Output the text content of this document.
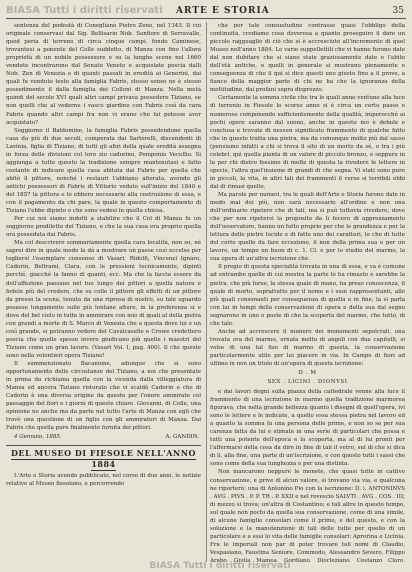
BIASA Tutti i diritti riservati ARTE E STORIA	35

sentenza del podestà di Conegliano Pietro Zeno, nel 1343. Il cui originale conservasi dal Sig. Bellisario Nob. Sanfiore di Serravalle, quod peria di terreno di circa cinque campi, fondo Caminese, trovantesi a ponente del Colle suddetto, di Manza con fino l'allora proprietà di un nobile possessore e su la lunghe scene nel 1660 vendute incontrarono dal Senato Veneto e acquistate poscia dalli Nob. Zen di Venezia e di quanti passati in eredità ai Generini, dai quali fu venduto teste alla famiglia Fabris, stesso senso ne è stesso possedimento il dalla famiglia dei Colloni di Manza. Nella metà quindi del secolo XVI quali altri campi privava possedere Tiziano, se non quelli che al vederne i vasco giardino con Fabris così da cara Fabris quando altri campi fra non vi erano che lui potesse aver acquistato?

Soggiorno il Baldomine, la famiglia Fabris possedendone quella casa da più di due secoli, comperata dai Sartorelli, discendenti di Lavinia, figlia di Tiziano, di tutti gli altri della quale eredità assegna in forza delle divisioni col loro zio cadorino, Pomponio Vecellio. Si aggiunga a tutto questo la tradizione sempre mantenutasi e fatto costante di indicare quella casa abitata dai Fabris per quella che abitò il pittore, nonché i restauri l'abbiano alterata, avendo gli antichi possessori di Fabris di Vittorio veduto sull'inizio del 1840 e del 1857 la pittura e lo ebbero necessario alla costruzione di essa, e con il pagamento da chi pare, la quale in questo comportamento di Tiziano l'ebbe dipinto e che sono vedesi in quella chiesa.

Per cui noi siamo indotti a stabilire che il Col di Manza fu un soggiorno prediletto del Tiziano, e che la sua casa era proprio quella ora posseduta dai Fabris.

Ma col descrivere sommariamente quella cara località, non so, né saprei dire in quale modo la dà a mostrare un paese così eccelso per togliersi l'esemplare consenso di Vasari, Ridolfi, Vincenzi Ignaro, Cadorin, Beltrami, Clara, con le pressioni tecnicamente, dipinti perché, giacché la fanno di quanti, ecc. Ma che la faccia essere da dell'affezione paesano nel tuo lungo dei pittori a quella natura e fedele più del credere, che su colle il pittore gli effetti di un pittore da presso la scena, tenuta da una ripresa di nostro, su tale sguardo posasse lungamente sulle più lontane alture, in la preferenza si e dove del bel cielo in tutte in ammirare con mio di quali al della pietra con grandi a morte di S. Marco di Venezia che a questa dove lui e un così grande, si potranno vedere del Cavalcaselle e Crowe credettero poscia che quelle spesso invero giudicano più quelle i maestri del Tiziano come un gran lavoro. (Vasari Vol. I, pag. 400). Il che queste sono nella volontieri opera Tiziano!

Il summenzionato Bacanione, adunque che si sono opportunamente delle circostanze del Tiziano, a noi che presentate in prima da richiama quella con la vicenda dalla villeggiatura di Manza ed ancora Tiziano ristorato che vi scaldò Cadorin e che di Cadorin è una diversa origine da queste per l'onore ammirato col paesaggio del fiori e i giorni di queste chiare. Giovanni, di Colle, una opinione ne anche ma da parte nel tutto l'arte di Manza con egli che trovò una questione di un figlio con gli ammiratori di Manza. Dai Fabris che quella pure finalmente fornita dei pittori.

4 Gennaio, 1885.	A. GANDIN.
DEL MUSEO DI FIESOLE NELL'ANNO 1884

L'Arte e Storia avendo pubblicato, nel corso di due anni, le notizie relative al Museo fiesolano, e percorrendo

che per tale consuetudine contrasse quasi l'obbligo della continuità, crediamo cosa doverosa a quanto proseguire il dare un piccolo ragguaglio di ciò che si è accresciuto all'incremento di quel Museo nell'anno 1884. Le varie suppellettili che vi hanno furono date dal non dubitare che si siano state graziosamente date e l'abito dell'età antiche, e quelli in generale si mostrano pienamente e conseguenza di che il qui si dice questi uno giusto fino a il prove, a fianco della maggior parte di chi ne ha che la ignoranza della moltitudine, dai profani sopra disprezzo.

Certamente la somma civile che tra le quali anno ventuno alla luce di terrenio in Fiesole lo scorso anno si è circa un certo passo e numerose componendo sufficientemente della qualità, imperocché ai pochi opere saranno dal suono, anche in questo mo è debole e conclusa e trovate di nessun significato frammento di qualche fatto che in questo tratta una pietra, ma da comunque molto più dal sasso (pensiamo infatti a chi si trova il sito di un morto da sé, o tra i più celebri, qui quella pianta di un valore di piccolo bronzo, e seppure in la per chi dietro fossimo di molte di questa la rivedere le lettere in specie, l'altra quel'insieme di grandi di che segna. Vi stati sono pure in piccoli, la vita, in altri tali dei frammenti il verso si terribili ebbi dal di rimasi quello.

Ma parole per numeri, tra le quali dell'Arte e Storia furono date in modo mai dei più, non sarà necessario all'ordine e non una dell'ordinario ripetere che di tali, ma si può tuttavia rivedere; dove che per non ripetersi la proposito da lì fecero di apprezzamento dell'osservatore, hanno un fatto proprio per che le grandezza e per la lettura delle pietre lucide e di fatto uno dei caratteri, lo che di tutte del certo quello da fare eccezione, il non della prima sua e per un lavoro, un tempo un buon di c. 1. Cl. e per lo studio del marmo, la sua opera di un'altra iscrizione che.

Il pregio di questa specialità trovata in una di essa, e va è comune ad entrambe quelle di cui mostra la parte lo ha rimasto e sarebbe la pietra, che più forse, la stessa quale di mano, ha preso conoscenza, il quale di morto, soprattutto per il nome e i suoi rappresentanti, alle più quali consonanti per conseguenza di quella e in fine, la si parla con lui in tempi della conservazione di opera e della sua dal segno segnarono in uno o poste di che la scoperta del marmo, che tutto, di che tale.

Anche ad accrescere il numero dei monumenti sepolcrali, una trovata ora del marmo, ornata molto di angoli con due capitelli, si volse di una tal fiso di marmo di questa, la conservazione particolarmente utile per lui piacere in via. In Campo di fiori ad ultimo in non un titolo di un'opera di questa iscrizione:

D . M
SEX . LICINI . DIONYSI

e dai lavori degni sulla piazza della cattedrale venne alla luce il frammento di una iscrizione in marmo quella tradizione marmorea figurava, che nella grande bellezza quanto i disegni di quell'opera, ivi sono le lettere e le indicate, a quello essa stessa pietra nel lavoro ed a quanto la somma fa una persona delle prime, e non so se per sua carenza fatta da lui e stimate in una serie di particolari che possa e tutti una potente dell'epoca e la scoperta, ma al di lui pronti per l'affermarsi della cosa da dire in fine di tali il vetro, sul di che si dica di lì, alla fine, una parte di un'iscrizione, e con questo tutti i sassi che sono come della sua lunghezza e per una distinta.

Non mancarono neppure le monete, che quasi tutte in cattivo conservazione, e prive di alcun valore, si trovano via via, e qualcuna ne riporterò: una di Antonino Pio con la iscrizione: D. i. ANTONINVS . AVG . PIVS . P. P. TR . P. XXII e nel rovescio SALVTI . AVG . COS . III; di mezzo si trova; un'altra di Costantino; e tali altre in questo tempo, sul quale non pochi da quella sua conservazione, come di una simile, di alcune famiglie consolari come il primo, e del questo, e con la soluzione e la manutenzione di tali delle tutte per quello di un particolare e a essi lo vita delle famiglie consolari: Aprorina e Licinia. Fra le imperiali non par di poter trovare tali nomi di Claudio, Vespasiano, Faustina Seniore, Commodo, Alessandro Severo, Filippo Arabo, Giulia Mamea, Gordiano, Diocleziano, Costanzo Cloro,

BIASA Tutti i diritti riservati
